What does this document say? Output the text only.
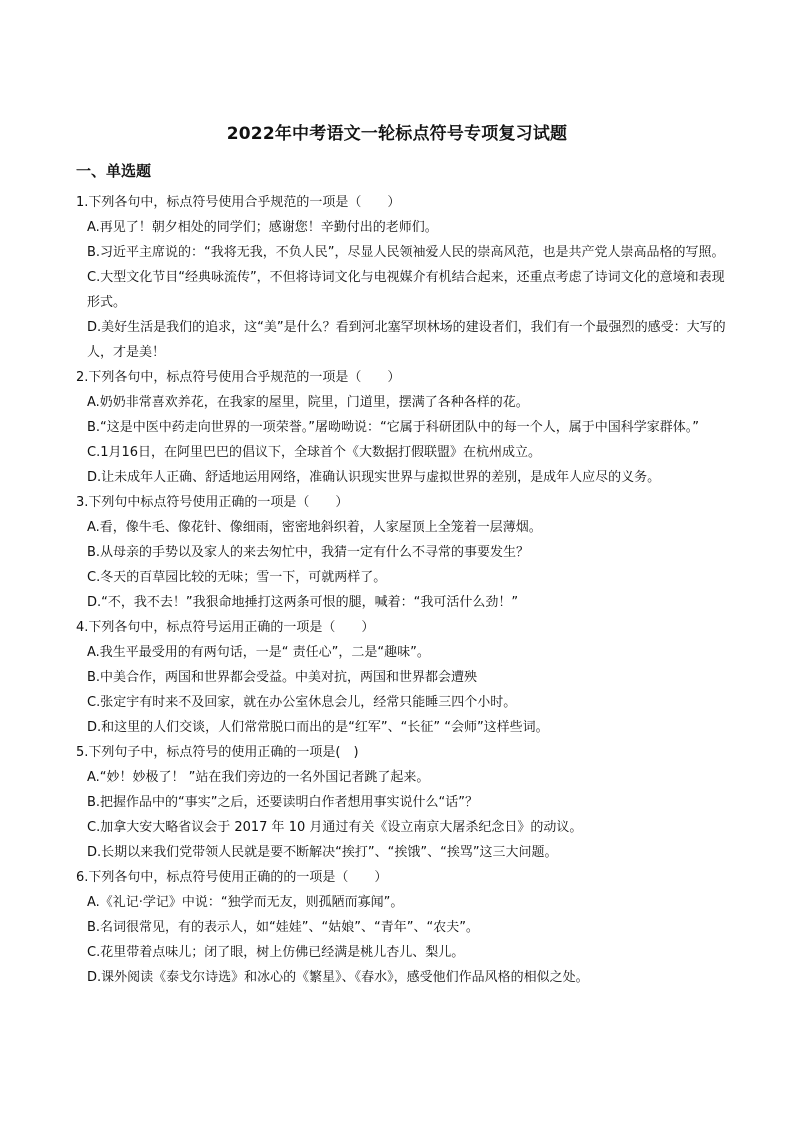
2022年中考语文一轮标点符号专项复习试题
一、单选题
1.下列各句中，标点符号使用合乎规范的一项是（　　）
A.再见了！朝夕相处的同学们；感谢您！辛勤付出的老师们。
B.习近平主席说的：“我将无我，不负人民”，尽显人民领袖爱人民的崇高风范，也是共产党人崇高品格的写照。
C.大型文化节目“经典咏流传”，不但将诗词文化与电视媒介有机结合起来，还重点考虑了诗词文化的意境和表现形式。
D.美好生活是我们的追求，这“美”是什么？看到河北塞罕坝林场的建设者们，我们有一个最强烈的感受：大写的人，才是美！
2.下列各句中，标点符号使用合乎规范的一项是（　　）
A.奶奶非常喜欢养花，在我家的屋里，院里，门道里，摆满了各种各样的花。
B.“这是中医中药走向世界的一项荣誉。”屠呦呦说：“它属于科研团队中的每一个人，属于中国科学家群体。”
C.1月16日，在阿里巴巴的倡议下，全球首个《大数据打假联盟》在杭州成立。
D.让未成年人正确、舒适地运用网络，准确认识现实世界与虚拟世界的差别，是成年人应尽的义务。
3.下列句中标点符号使用正确的一项是（　　）
A.看，像牛毛、像花针、像细雨，密密地斜织着，人家屋顶上全笼着一层薄烟。
B.从母亲的手势以及家人的来去匆忙中，我猜一定有什么不寻常的事要发生？
C.冬天的百草园比较的无味；雪一下，可就两样了。
D.“不，我不去！”我狠命地捶打这两条可恨的腿，喊着：“我可活什么劲！”
4.下列各句中，标点符号运用正确的一项是（　　）
A.我生平最受用的有两句话，一是“ 责任心”，二是“趣味”。
B.中美合作，两国和世界都会受益。中美对抗，两国和世界都会遭殃
C.张定宇有时来不及回家，就在办公室休息会儿，经常只能睡三四个小时。
D.和这里的人们交谈，人们常常脱口而出的是“红军”、“长征” “会师”这样些词。
5.下列句子中，标点符号的使用正确的一项是(　)
A.“妙！妙极了！ ”站在我们旁边的一名外国记者跳了起来。
B.把握作品中的“事实”之后，还要读明白作者想用事实说什么“话”？
C.加拿大安大略省议会于 2017 年 10 月通过有关《设立南京大屠杀纪念日》的动议。
D.长期以来我们党带领人民就是要不断解决“挨打”、“挨饿”、“挨骂”这三大问题。
6.下列各句中，标点符号使用正确的的一项是（　　）
A.《礼记·学记》中说：“独学而无友，则孤陋而寡闻”。
B.名词很常见，有的表示人，如“娃娃”、“姑娘”、“青年”、“农夫”。
C.花里带着点味儿；闭了眼，树上仿佛已经满是桃儿杏儿、梨儿。
D.课外阅读《泰戈尔诗选》和冰心的《繁星》、《春水》，感受他们作品风格的相似之处。
